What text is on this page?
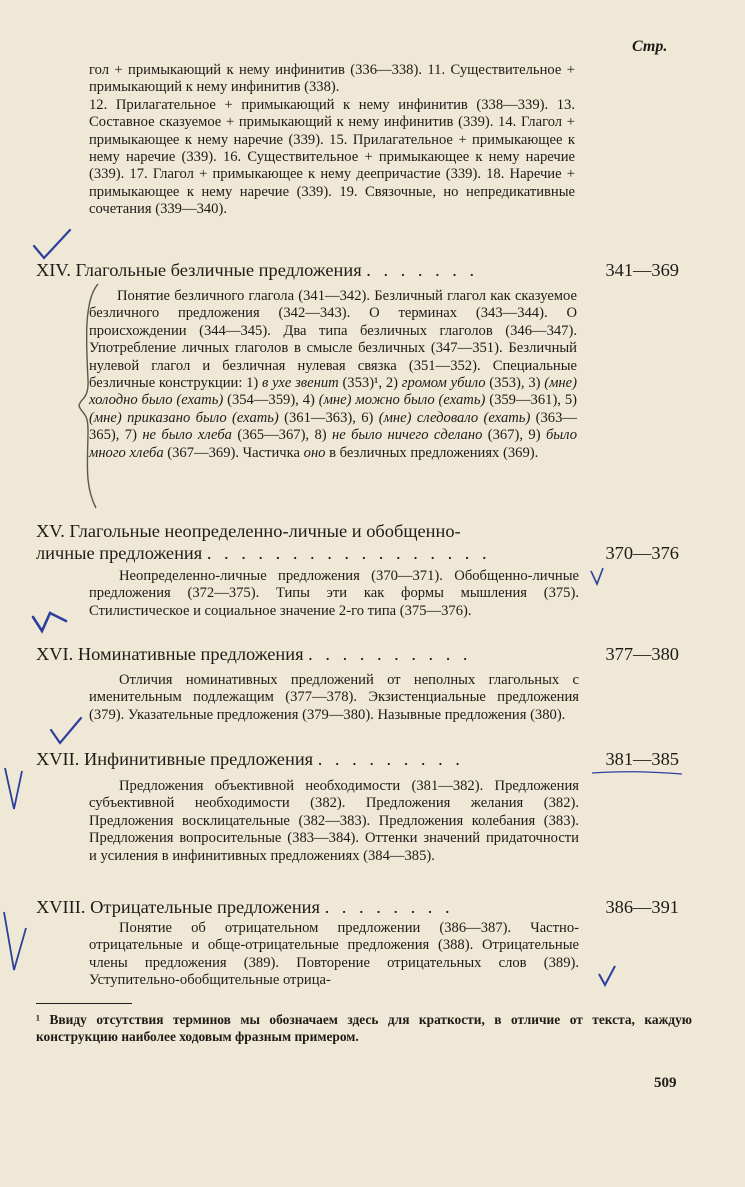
Стр.
гол + примыкающий к нему инфинитив (336—338). 11. Существительное + примыкающий к нему инфинитив (338).
12. Прилагательное + примыкающий к нему инфинитив (338—339). 13. Составное сказуемое + примыкающий к нему инфинитив (339). 14. Глагол + примыкающее к нему наречие (339). 15. Прилагательное + примыкающее к нему наречие (339). 16. Существительное + примыкающее к нему наречие (339). 17. Глагол + примыкающее к нему деепричастие (339). 18. Наречие + примыкающее к нему наречие (339). 19. Связочные, но непредикативные сочетания (339—340).
XIV. Глагольные безличные предложения . . . . . . .	341—369
Понятие безличного глагола (341—342). Безличный глагол как сказуемое безличного предложения (342—343). О терминах (343—344). О происхождении (344—345). Два типа безличных глаголов (346—347). Употребление личных глаголов в смысле безличных (347—351). Безличный нулевой глагол и безличная нулевая связка (351—352). Специальные безличные конструкции: 1) в ухе звенит (353)¹, 2) громом убило (353), 3) (мне) холодно было (ехать) (354—359), 4) (мне) можно было (ехать) (359—361), 5) (мне) приказано было (ехать) (361—363), 6) (мне) следовало (ехать) (363—365), 7) не было хлеба (365—367), 8) не было ничего сделано (367), 9) было много хлеба (367—369). Частичка оно в безличных предложениях (369).
XV. Глагольные неопределенно-личные и обобщенно-
личные предложения . . . . . . . . . . . . . . . . .	370—376
Неопределенно-личные предложения (370—371). Обобщенно-личные предложения (372—375). Типы эти как формы мышления (375). Стилистическое и социальное значение 2-го типа (375—376).
XVI. Номинативные предложения . . . . . . . . . .	377—380
Отличия номинативных предложений от неполных глагольных с именительным подлежащим (377—378). Экзистенциальные предложения (379). Указательные предложения (379—380). Назывные предложения (380).
XVII. Инфинитивные предложения . . . . . . . . .	381—385
Предложения объективной необходимости (381—382). Предложения субъективной необходимости (382). Предложения желания (382). Предложения восклицательные (382—383). Предложения колебания (383). Предложения вопросительные (383—384). Оттенки значений придаточности и усиления в инфинитивных предложениях (384—385).
XVIII. Отрицательные предложения . . . . . . . .	386—391
Понятие об отрицательном предложении (386—387). Частно-отрицательные и обще-отрицательные предложения (388). Отрицательные члены предложения (389). Повторение отрицательных слов (389). Уступительно-обобщительные отрица-
¹ Ввиду отсутствия терминов мы обозначаем здесь для краткости, в отличие от текста, каждую конструкцию наиболее ходовым фразным примером.
509
